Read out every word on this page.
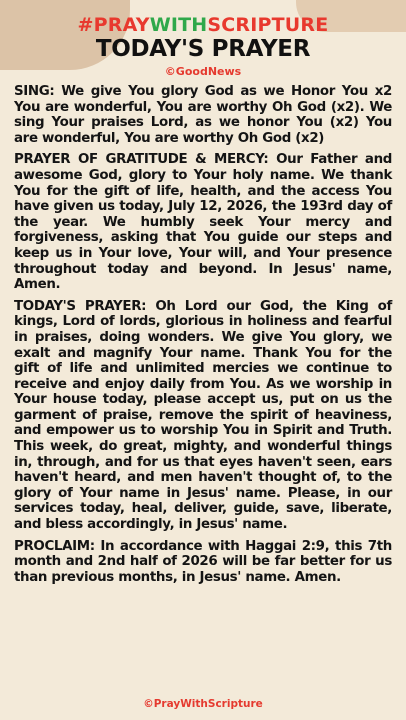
#PRAYWITHSCRIPTURE
TODAY'S PRAYER
©GoodNews

SING: We give You glory God as we Honor You x2 You are wonderful, You are worthy Oh God (x2). We sing Your praises Lord, as we honor You (x2) You are wonderful, You are worthy Oh God (x2)

PRAYER OF GRATITUDE & MERCY: Our Father and awesome God, glory to Your holy name. We thank You for the gift of life, health, and the access You have given us today, July 12, 2026, the 193rd day of the year. We humbly seek Your mercy and forgiveness, asking that You guide our steps and keep us in Your love, Your will, and Your presence throughout today and beyond. In Jesus' name, Amen.

TODAY'S PRAYER: Oh Lord our God, the King of kings, Lord of lords, glorious in holiness and fearful in praises, doing wonders. We give You glory, we exalt and magnify Your name. Thank You for the gift of life and unlimited mercies we continue to receive and enjoy daily from You. As we worship in Your house today, please accept us, put on us the garment of praise, remove the spirit of heaviness, and empower us to worship You in Spirit and Truth. This week, do great, mighty, and wonderful things in, through, and for us that eyes haven't seen, ears haven't heard, and men haven't thought of, to the glory of Your name in Jesus' name. Please, in our services today, heal, deliver, guide, save, liberate, and bless accordingly, in Jesus' name.

PROCLAIM: In accordance with Haggai 2:9, this 7th month and 2nd half of 2026 will be far better for us than previous months, in Jesus' name. Amen.

©PrayWithScripture
